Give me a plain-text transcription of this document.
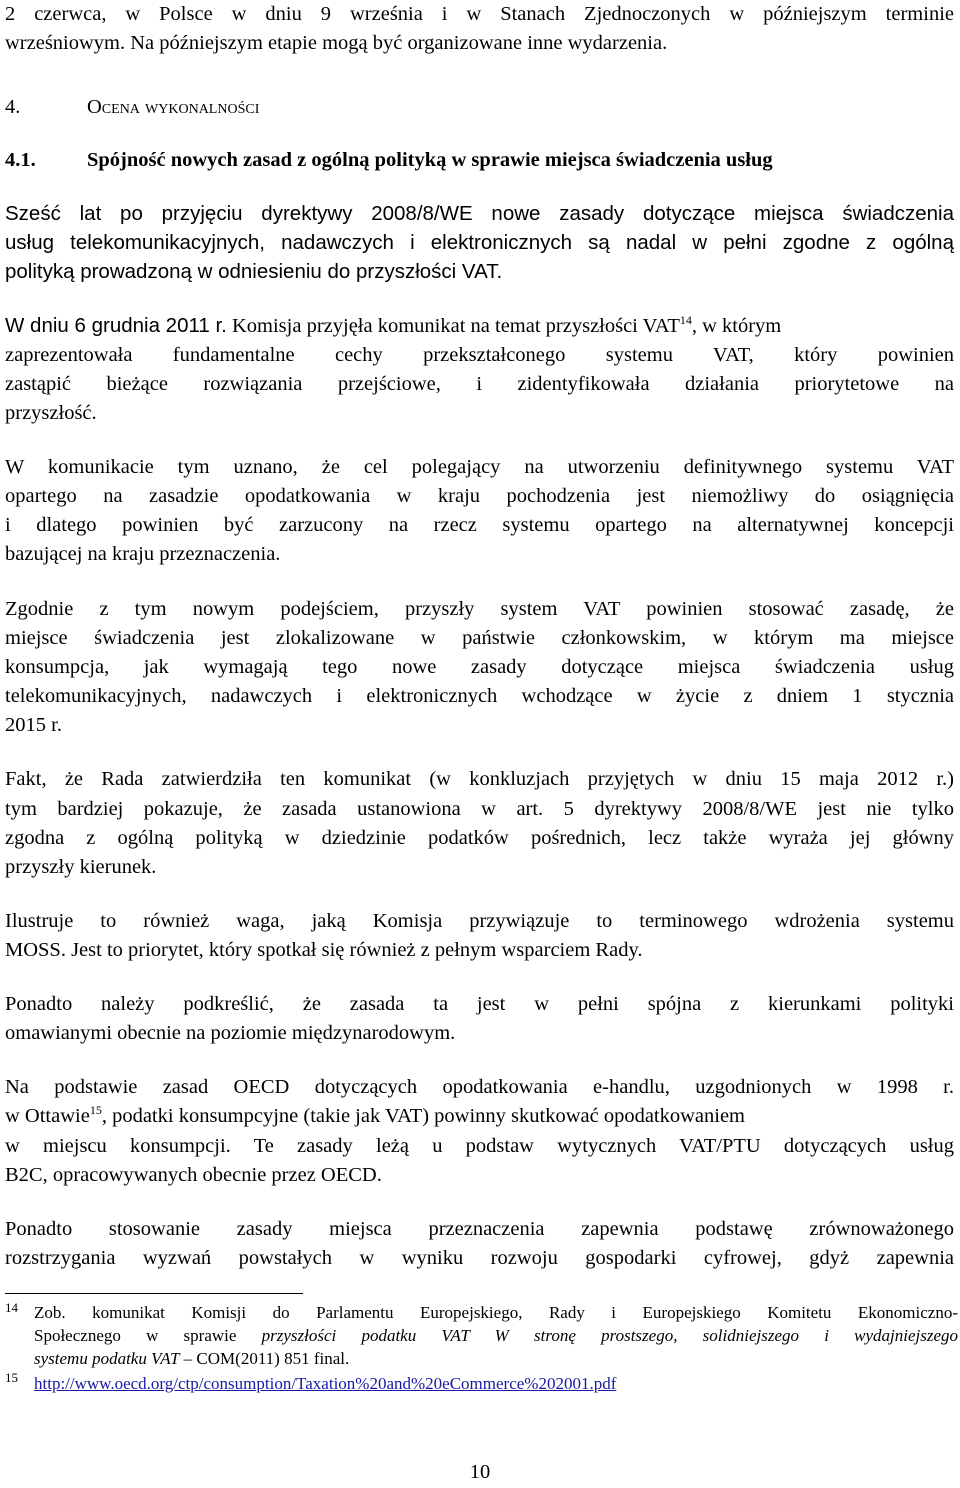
2 czerwca, w Polsce w dniu 9 września i w Stanach Zjednoczonych w późniejszym terminie
wrześniowym. Na późniejszym etapie mogą być organizowane inne wydarzenia.
4.	Ocena wykonalności
4.1.	Spójność nowych zasad z ogólną polityką w sprawie miejsca świadczenia usług
Sześć lat po przyjęciu dyrektywy 2008/8/WE nowe zasady dotyczące miejsca świadczenia
usług telekomunikacyjnych, nadawczych i elektronicznych są nadal w pełni zgodne z ogólną
polityką prowadzoną w odniesieniu do przyszłości VAT.
W dniu 6 grudnia 2011 r. Komisja przyjęła komunikat na temat przyszłości VAT$^{14}$, w którym
zaprezentowała fundamentalne cechy przekształconego systemu VAT, który powinien
zastąpić bieżące rozwiązania przejściowe, i zidentyfikowała działania priorytetowe na
przyszłość.
W komunikacie tym uznano, że cel polegający na utworzeniu definitywnego systemu VAT
opartego na zasadzie opodatkowania w kraju pochodzenia jest niemożliwy do osiągnięcia
i dlatego powinien być zarzucony na rzecz systemu opartego na alternatywnej koncepcji
bazującej na kraju przeznaczenia.
Zgodnie z tym nowym podejściem, przyszły system VAT powinien stosować zasadę, że
miejsce świadczenia jest zlokalizowane w państwie członkowskim, w którym ma miejsce
konsumpcja, jak wymagają tego nowe zasady dotyczące miejsca świadczenia usług
telekomunikacyjnych, nadawczych i elektronicznych wchodzące w życie z dniem 1 stycznia
2015 r.
Fakt, że Rada zatwierdziła ten komunikat (w konkluzjach przyjętych w dniu 15 maja 2012 r.)
tym bardziej pokazuje, że zasada ustanowiona w art. 5 dyrektywy 2008/8/WE jest nie tylko
zgodna z ogólną polityką w dziedzinie podatków pośrednich, lecz także wyraża jej główny
przyszły kierunek.
Ilustruje to również waga, jaką Komisja przywiązuje to terminowego wdrożenia systemu
MOSS. Jest to priorytet, który spotkał się również z pełnym wsparciem Rady.
Ponadto należy podkreślić, że zasada ta jest w pełni spójna z kierunkami polityki
omawianymi obecnie na poziomie międzynarodowym.
Na podstawie zasad OECD dotyczących opodatkowania e-handlu, uzgodnionych w 1998 r.
w Ottawie$^{15}$, podatki konsumpcyjne (takie jak VAT) powinny skutkować opodatkowaniem
w miejscu konsumpcji. Te zasady leżą u podstaw wytycznych VAT/PTU dotyczących usług
B2C, opracowywanych obecnie przez OECD.
Ponadto stosowanie zasady miejsca przeznaczenia zapewnia podstawę zrównoważonego
rozstrzygania wyzwań powstałych w wyniku rozwoju gospodarki cyfrowej, gdyż zapewnia
14 Zob. komunikat Komisji do Parlamentu Europejskiego, Rady i Europejskiego Komitetu Ekonomiczno-
Społecznego w sprawie przyszłości podatku VAT W stronę prostszego, solidniejszego i wydajniejszego
systemu podatku VAT – COM(2011) 851 final.
15 http://www.oecd.org/ctp/consumption/Taxation%20and%20eCommerce%202001.pdf
10
